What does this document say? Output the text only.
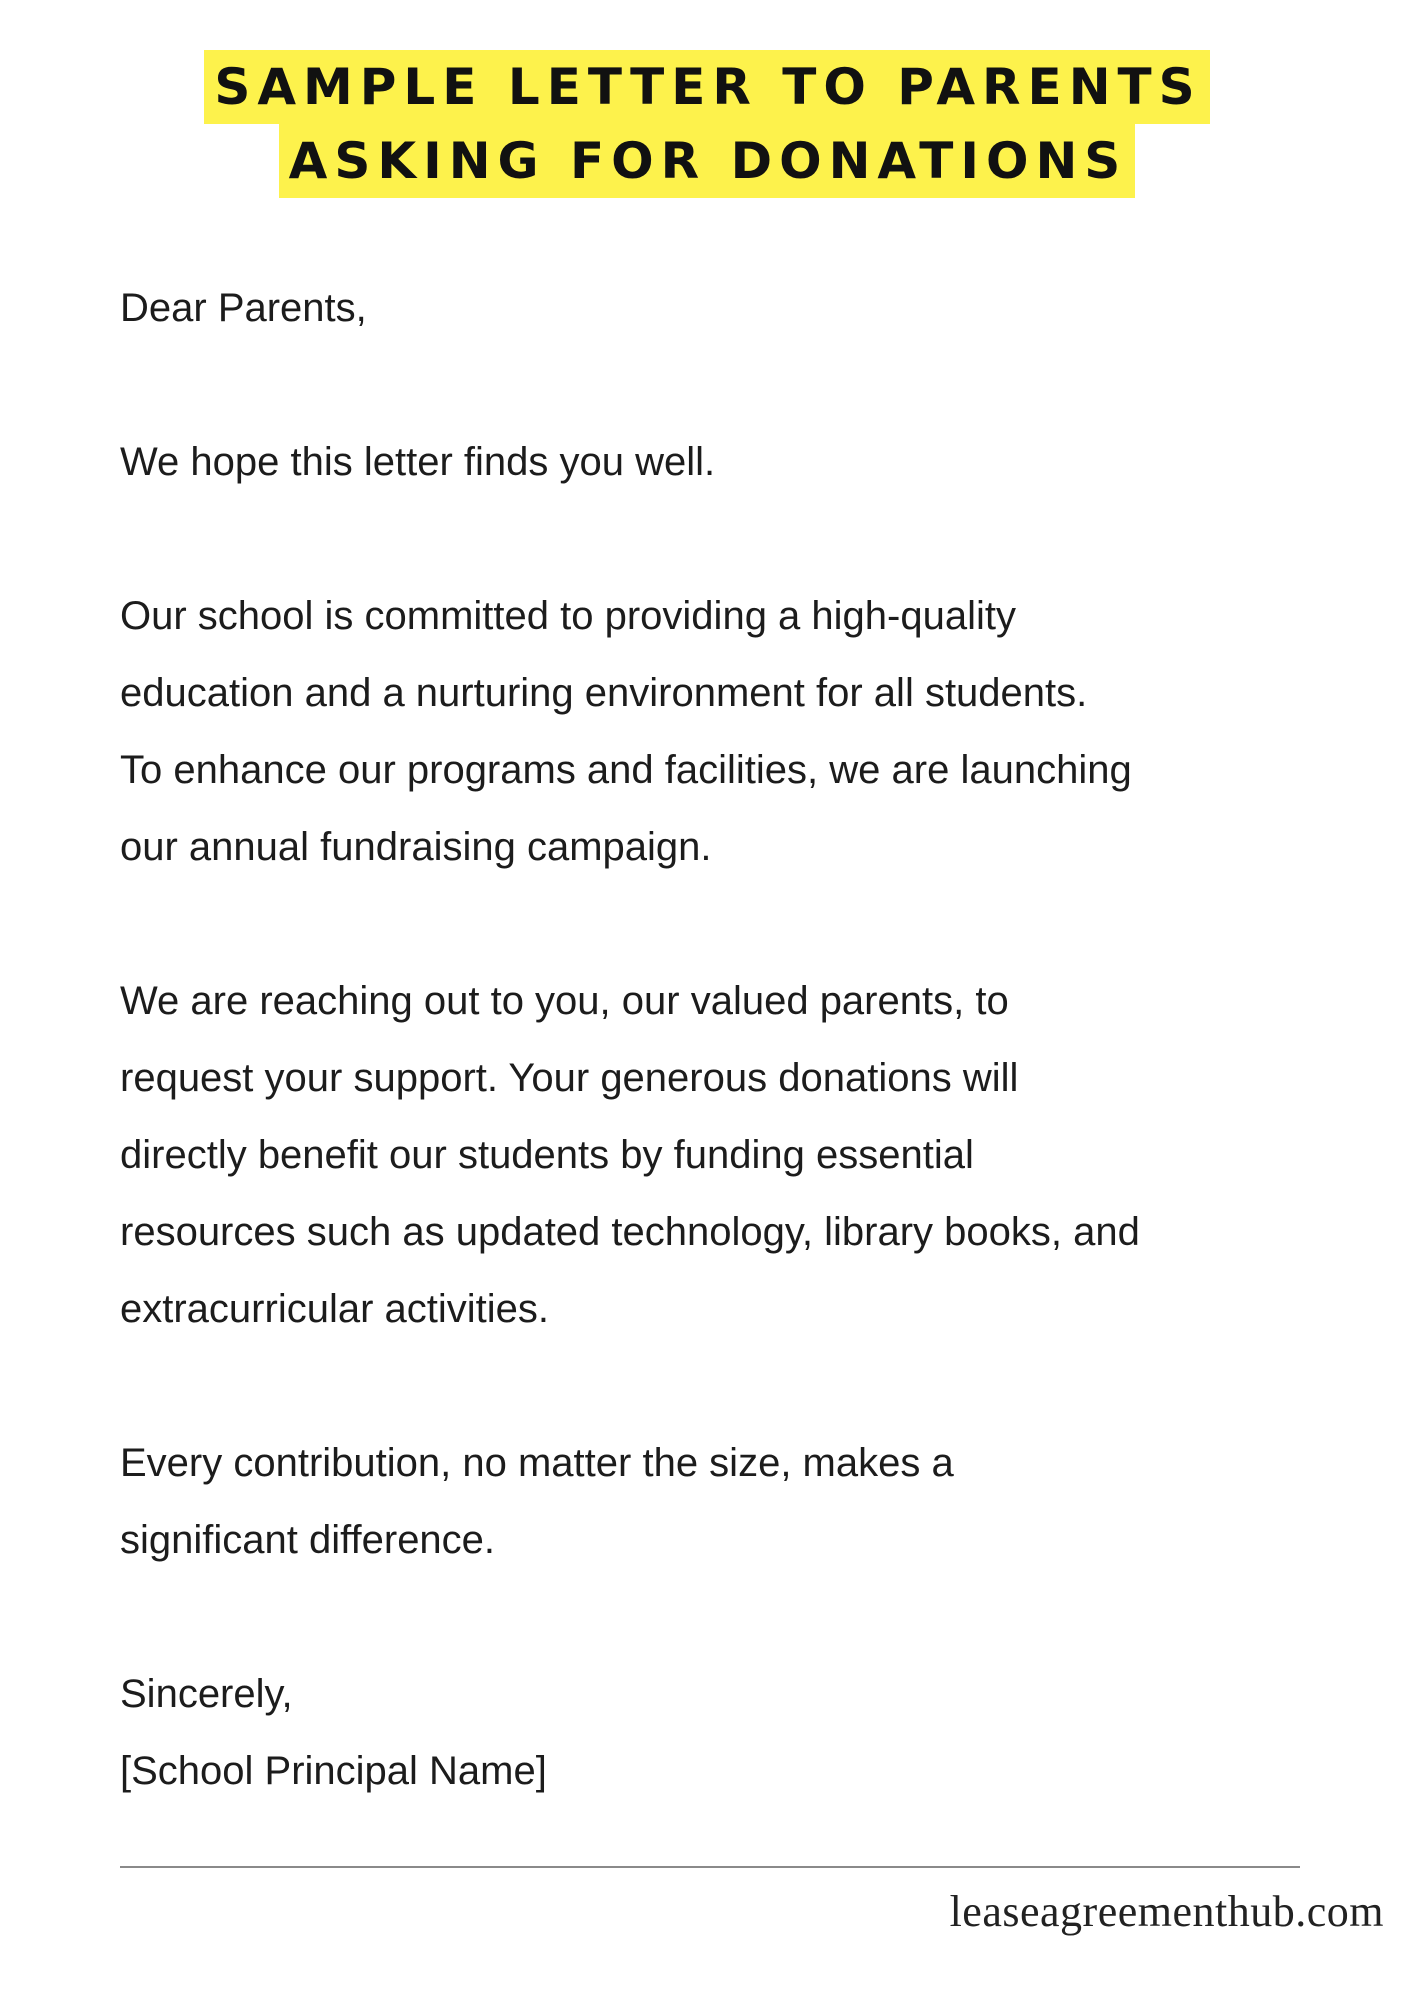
SAMPLE LETTER TO PARENTS
ASKING FOR DONATIONS
Dear Parents,
We hope this letter finds you well.
Our school is committed to providing a high-quality
education and a nurturing environment for all students.
To enhance our programs and facilities, we are launching
our annual fundraising campaign.
We are reaching out to you, our valued parents, to
request your support. Your generous donations will
directly benefit our students by funding essential
resources such as updated technology, library books, and
extracurricular activities.
Every contribution, no matter the size, makes a
significant difference.
Sincerely,
[School Principal Name]
leaseagreementhub.com
